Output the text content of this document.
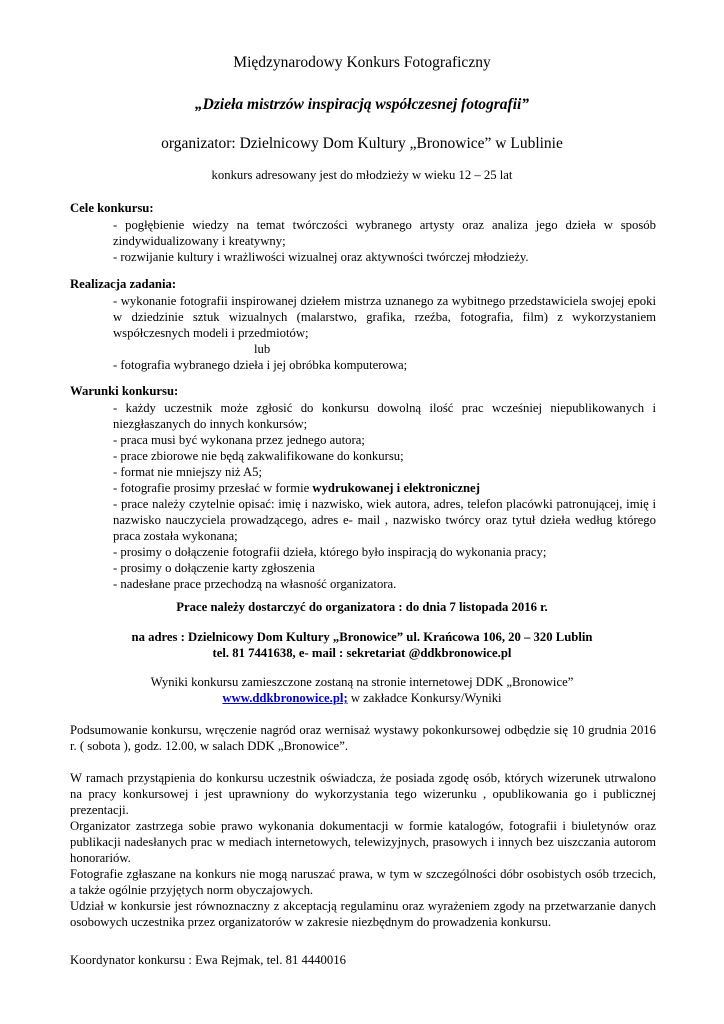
Międzynarodowy Konkurs Fotograficzny
„Dzieła mistrzów inspiracją współczesnej fotografii”
organizator: Dzielnicowy Dom Kultury „Bronowice” w Lublinie
konkurs adresowany jest do młodzieży w wieku 12 – 25 lat
Cele konkursu:
- pogłębienie wiedzy na temat twórczości wybranego artysty oraz analiza jego dzieła w sposób zindywidualizowany i kreatywny;
- rozwijanie kultury i wrażliwości wizualnej oraz aktywności twórczej młodzieży.
Realizacja zadania:
- wykonanie fotografii inspirowanej dziełem mistrza uznanego za wybitnego przedstawiciela swojej epoki w dziedzinie sztuk wizualnych (malarstwo, grafika, rzeźba, fotografia, film) z wykorzystaniem współczesnych modeli i przedmiotów;
lub
- fotografia wybranego dzieła i jej obróbka komputerowa;
Warunki konkursu:
- każdy uczestnik może zgłosić do konkursu dowolną ilość prac wcześniej niepublikowanych i niezgłaszanych do innych konkursów;
- praca musi być wykonana przez jednego autora;
- prace zbiorowe nie będą zakwalifikowane do konkursu;
- format nie mniejszy niż A5;
- fotografie prosimy przesłać w formie wydrukowanej i elektronicznej
- prace należy czytelnie opisać: imię i nazwisko, wiek autora, adres, telefon placówki patronującej, imię i nazwisko nauczyciela prowadzącego, adres e- mail , nazwisko twórcy oraz tytuł dzieła według którego praca została wykonana;
- prosimy o dołączenie fotografii dzieła, którego było inspiracją do wykonania pracy;
- prosimy o dołączenie karty zgłoszenia
- nadesłane prace przechodzą na własność organizatora.
Prace należy dostarczyć do organizatora : do dnia 7 listopada 2016 r.
na adres : Dzielnicowy Dom Kultury „Bronowice” ul. Krańcowa 106, 20 – 320 Lublin
tel. 81 7441638, e- mail : sekretariat @ddkbronowice.pl
Wyniki konkursu zamieszczone zostaną na stronie internetowej DDK „Bronowice”
www.ddkbronowice.pl; w zakładce Konkursy/Wyniki
Podsumowanie konkursu, wręczenie nagród oraz wernisaż wystawy pokonkursowej odbędzie się 10 grudnia 2016 r. ( sobota ), godz. 12.00, w salach DDK „Bronowice”.
W ramach przystąpienia do konkursu uczestnik oświadcza, że posiada zgodę osób, których wizerunek utrwalono na pracy konkursowej i jest uprawniony do wykorzystania tego wizerunku , opublikowania go i publicznej prezentacji.
Organizator zastrzega sobie prawo wykonania dokumentacji w formie katalogów, fotografii i biuletynów oraz publikacji nadesłanych prac w mediach internetowych, telewizyjnych, prasowych i innych bez uiszczania autorom honorariów.
Fotografie zgłaszane na konkurs nie mogą naruszać prawa, w tym w szczególności dóbr osobistych osób trzecich, a także ogólnie przyjętych norm obyczajowych.
Udział w konkursie jest równoznaczny z akceptacją regulaminu oraz wyrażeniem zgody na przetwarzanie danych osobowych uczestnika przez organizatorów w zakresie niezbędnym do prowadzenia konkursu.
Koordynator konkursu : Ewa Rejmak, tel. 81 4440016
